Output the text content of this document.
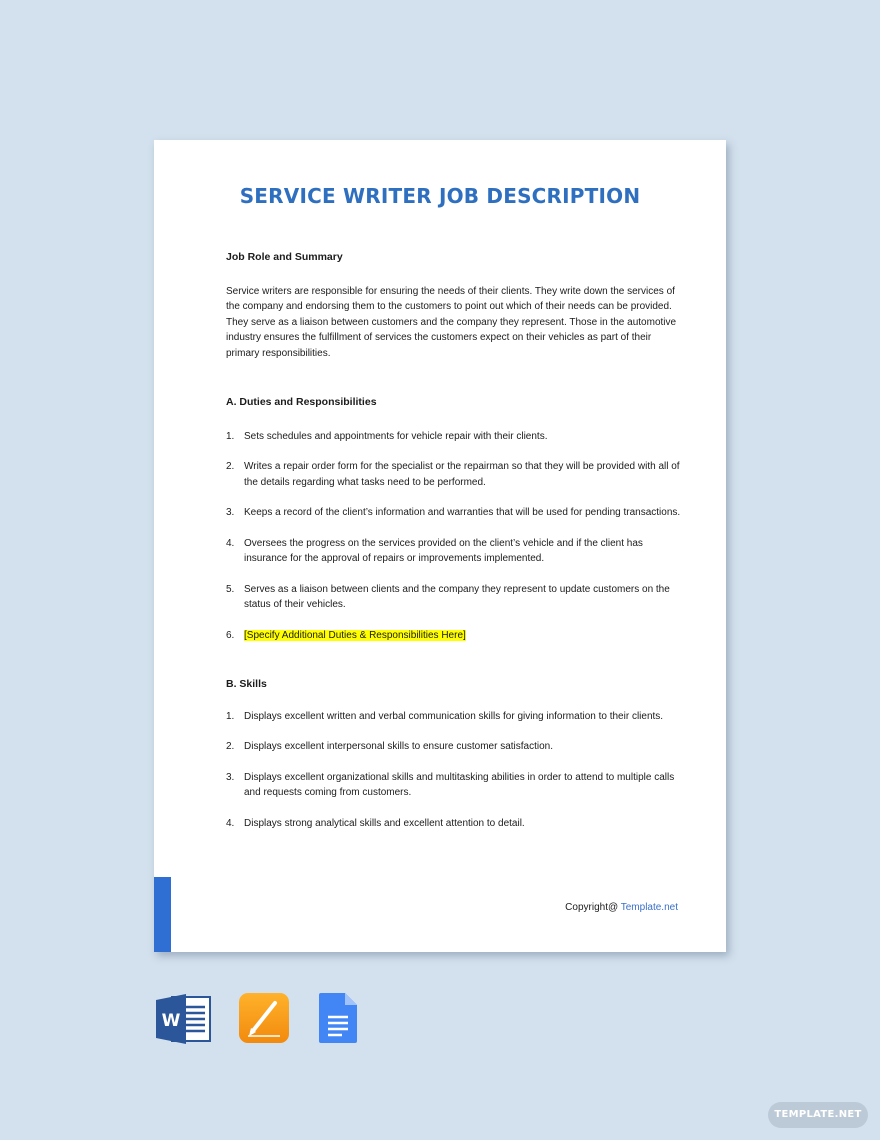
SERVICE WRITER JOB DESCRIPTION

Job Role and Summary

Service writers are responsible for ensuring the needs of their clients. They write down the services of the company and endorsing them to the customers to point out which of their needs can be provided. They serve as a liaison between customers and the company they represent. Those in the automotive industry ensures the fulfillment of services the customers expect on their vehicles as part of their primary responsibilities.

A. Duties and Responsibilities

1. Sets schedules and appointments for vehicle repair with their clients.
2. Writes a repair order form for the specialist or the repairman so that they will be provided with all of the details regarding what tasks need to be performed.
3. Keeps a record of the client’s information and warranties that will be used for pending transactions.
4. Oversees the progress on the services provided on the client’s vehicle and if the client has insurance for the approval of repairs or improvements implemented.
5. Serves as a liaison between clients and the company they represent to update customers on the status of their vehicles.
6. [Specify Additional Duties & Responsibilities Here]

B. Skills

1. Displays excellent written and verbal communication skills for giving information to their clients.
2. Displays excellent interpersonal skills to ensure customer satisfaction.
3. Displays excellent organizational skills and multitasking abilities in order to attend to multiple calls and requests coming from customers.
4. Displays strong analytical skills and excellent attention to detail.
Copyright@ Template.net
W
TEMPLATE.NET
